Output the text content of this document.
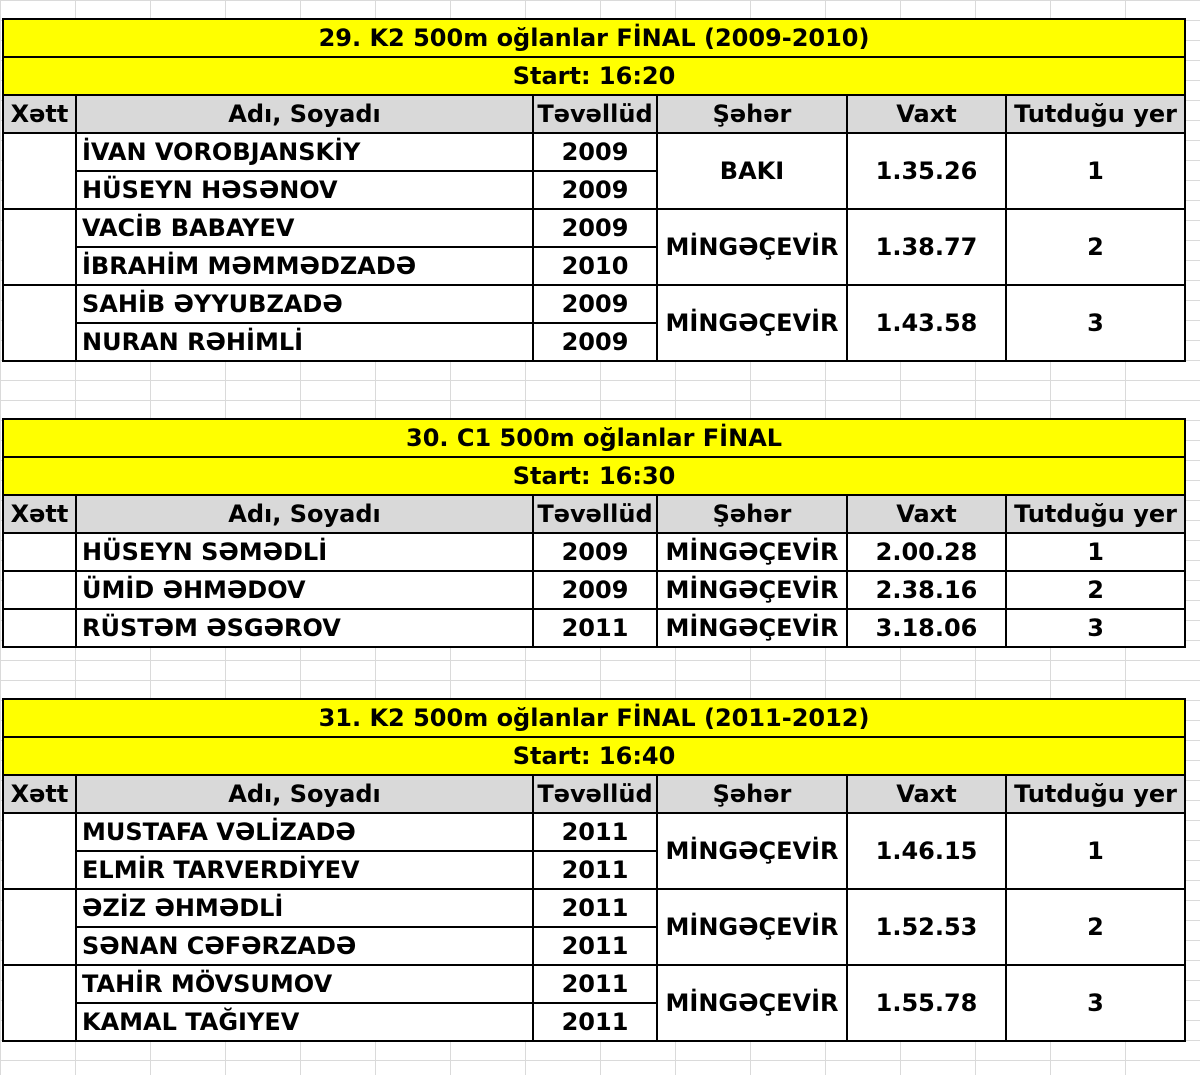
29. K2 500m oğlanlar FİNAL (2009-2010)					
Start: 16:20					
Xətt	Adı, Soyadı	Təvəllüd	Şəhər	Vaxt	Tutduğu yer
	İVAN VOROBJANSKİY	2009	BAKI	1.35.26	1
	HÜSEYN HƏSƏNOV	2009			
	VACİB BABAYEV	2009	MİNGƏÇEVİR	1.38.77	2
	İBRAHİM MƏMMƏDZADƏ	2010			
	SAHİB ƏYYUBZADƏ	2009	MİNGƏÇEVİR	1.43.58	3
	NURAN RƏHİMLİ	2009			
30. C1 500m oğlanlar FİNAL					
Start: 16:30					
Xətt	Adı, Soyadı	Təvəllüd	Şəhər	Vaxt	Tutduğu yer
	HÜSEYN SƏMƏDLİ	2009	MİNGƏÇEVİR	2.00.28	1
	ÜMİD ƏHMƏDOV	2009	MİNGƏÇEVİR	2.38.16	2
	RÜSTƏM ƏSGƏROV	2011	MİNGƏÇEVİR	3.18.06	3
31. K2 500m oğlanlar FİNAL (2011-2012)					
Start: 16:40					
Xətt	Adı, Soyadı	Təvəllüd	Şəhər	Vaxt	Tutduğu yer
	MUSTAFA VƏLİZADƏ	2011	MİNGƏÇEVİR	1.46.15	1
	ELMİR TARVERDİYEV	2011			
	ƏZİZ ƏHMƏDLİ	2011	MİNGƏÇEVİR	1.52.53	2
	SƏNAN CƏFƏRZADƏ	2011			
	TAHİR MÖVSUMOV	2011	MİNGƏÇEVİR	1.55.78	3
	KAMAL TAĞIYEV	2011			
